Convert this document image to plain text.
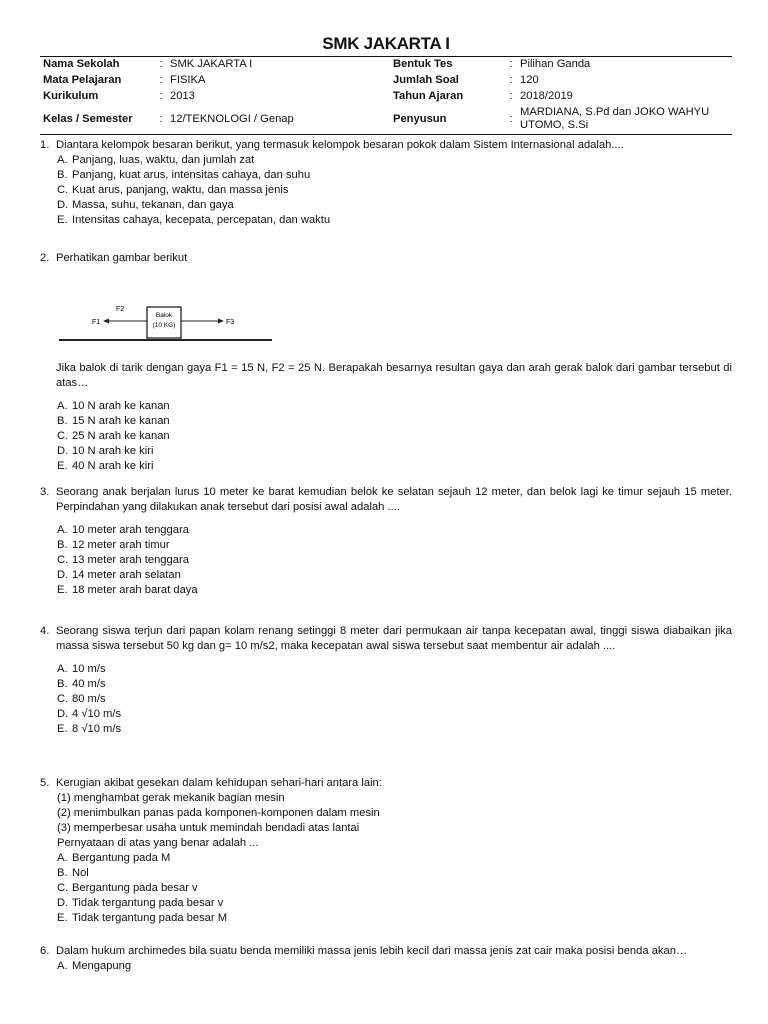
SMK JAKARTA I
Nama Sekolah	:	SMK JAKARTA I	Bentuk Tes	:	Pilihan Ganda
Mata Pelajaran	:	FISIKA	Jumlah Soal	:	120
Kurikulum	:	2013	Tahun Ajaran	:	2018/2019
Kelas / Semester	:	12/TEKNOLOGI / Genap	Penyusun	:	MARDIANA, S.Pd dan JOKO WAHYU UTOMO, S.Si
1. Diantara kelompok besaran berikut, yang termasuk kelompok besaran pokok dalam Sistem Internasional adalah....
A. Panjang, luas, waktu, dan jumlah zat
B. Panjang, kuat arus, intensitas cahaya, dan suhu
C. Kuat arus, panjang, waktu, dan massa jenis
D. Massa, suhu, tekanan, dan gaya
E. Intensitas cahaya, kecepata, percepatan, dan waktu
2. Perhatikan gambar berikut
Balok
(10 KG)
F1
F2
F3
Jika balok di tarik dengan gaya F1 = 15 N, F2 = 25 N. Berapakah besarnya resultan gaya dan arah gerak balok dari gambar tersebut di atas…
A. 10 N arah ke kanan
B. 15 N arah ke kanan
C. 25 N arah ke kanan
D. 10 N arah ke kiri
E. 40 N arah ke kiri
3. Seorang anak berjalan lurus 10 meter ke barat kemudian belok ke selatan sejauh 12 meter, dan belok lagi ke timur sejauh 15 meter. Perpindahan yang dilakukan anak tersebut dari posisi awal adalah ....
A. 10 meter arah tenggara
B. 12 meter arah timur
C. 13 meter arah tenggara
D. 14 meter arah selatan
E. 18 meter arah barat daya
4. Seorang siswa terjun dari papan kolam renang setinggi 8 meter dari permukaan air tanpa kecepatan awal, tinggi siswa diabaikan jika massa siswa tersebut 50 kg dan g= 10 m/s2, maka kecepatan awal siswa tersebut saat membentur air adalah ....
A. 10 m/s
B. 40 m/s
C. 80 m/s
D. 4 √10 m/s
E. 8 √10 m/s
5. Kerugian akibat gesekan dalam kehidupan sehari-hari antara lain:
(1) menghambat gerak mekanik bagian mesin
(2) menimbulkan panas pada komponen-komponen dalam mesin
(3) memperbesar usaha untuk memindah bendadi atas lantai
Pernyataan di atas yang benar adalah ...
A. Bergantung pada M
B. Nol
C. Bergantung pada besar v
D. Tidak tergantung pada besar v
E. Tidak tergantung pada besar M
6. Dalam hukum archimedes bila suatu benda memiliki massa jenis lebih kecil dari massa jenis zat cair maka posisi benda akan…
A. Mengapung
